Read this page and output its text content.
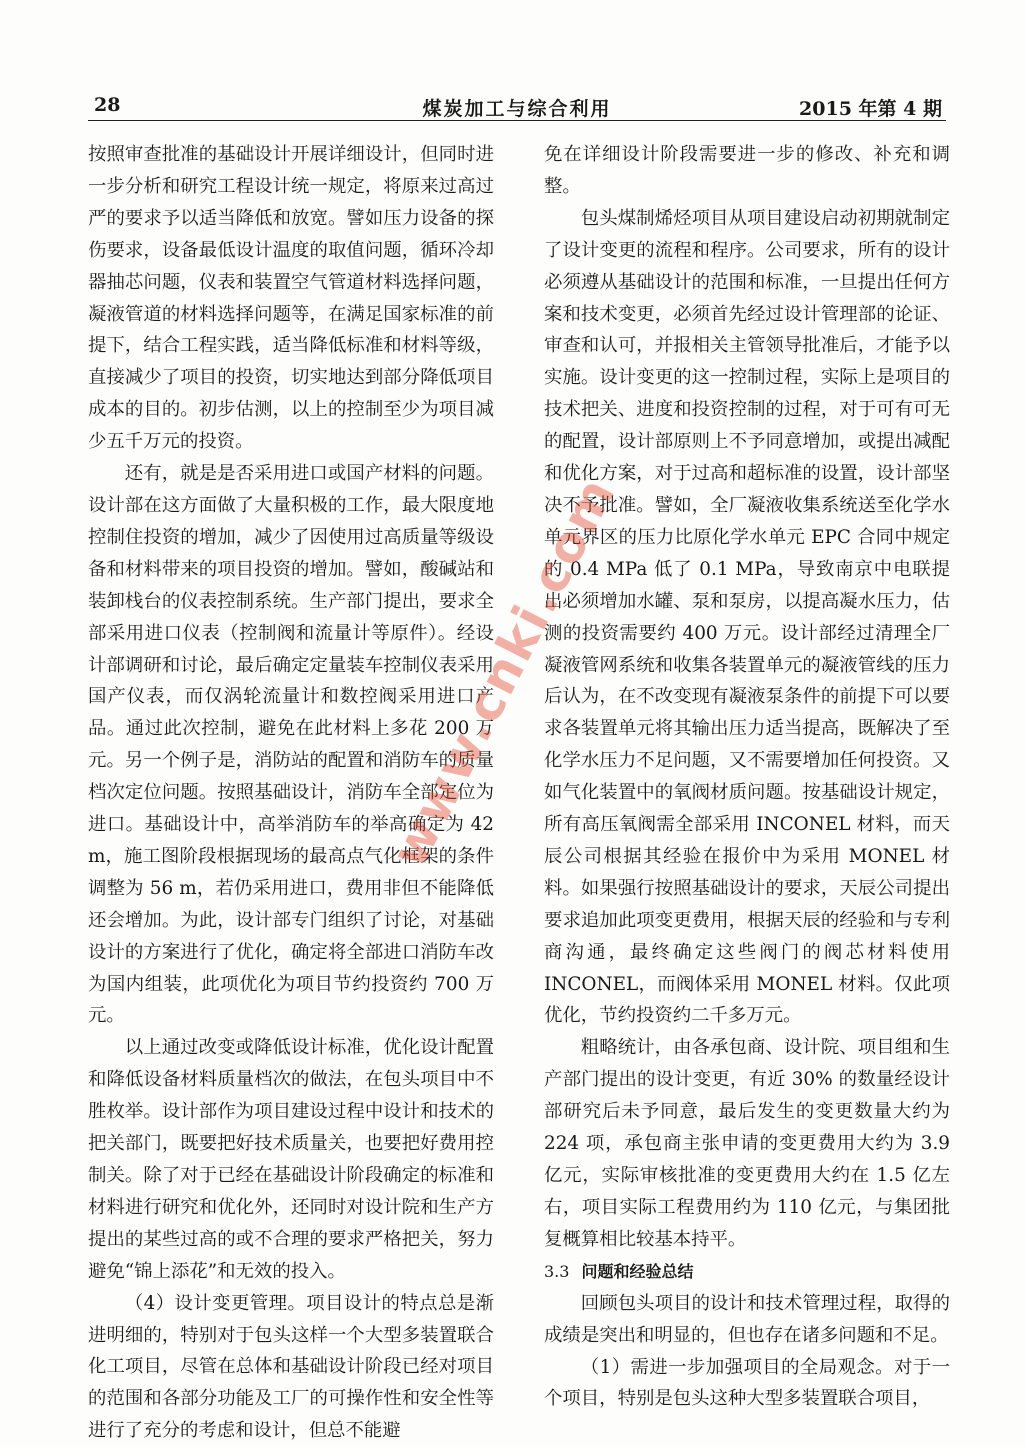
28	煤炭加工与综合利用	2015 年第 4 期

按照审查批准的基础设计开展详细设计，但同时进一步分析和研究工程设计统一规定，将原来过高过严的要求予以适当降低和放宽。譬如压力设备的探伤要求，设备最低设计温度的取值问题，循环冷却器抽芯问题，仪表和装置空气管道材料选择问题，凝液管道的材料选择问题等，在满足国家标准的前提下，结合工程实践，适当降低标准和材料等级，直接减少了项目的投资，切实地达到部分降低项目成本的目的。初步估测，以上的控制至少为项目减少五千万元的投资。

还有，就是是否采用进口或国产材料的问题。设计部在这方面做了大量积极的工作，最大限度地控制住投资的增加，减少了因使用过高质量等级设备和材料带来的项目投资的增加。譬如，酸碱站和装卸栈台的仪表控制系统。生产部门提出，要求全部采用进口仪表（控制阀和流量计等原件）。经设计部调研和讨论，最后确定定量装车控制仪表采用国产仪表，而仅涡轮流量计和数控阀采用进口产品。通过此次控制，避免在此材料上多花 200 万元。另一个例子是，消防站的配置和消防车的质量档次定位问题。按照基础设计，消防车全部定位为进口。基础设计中，高举消防车的举高确定为 42 m，施工图阶段根据现场的最高点气化框架的条件调整为 56 m，若仍采用进口，费用非但不能降低还会增加。为此，设计部专门组织了讨论，对基础设计的方案进行了优化，确定将全部进口消防车改为国内组装，此项优化为项目节约投资约 700 万元。

以上通过改变或降低设计标准，优化设计配置和降低设备材料质量档次的做法，在包头项目中不胜枚举。设计部作为项目建设过程中设计和技术的把关部门，既要把好技术质量关，也要把好费用控制关。除了对于已经在基础设计阶段确定的标准和材料进行研究和优化外，还同时对设计院和生产方提出的某些过高的或不合理的要求严格把关，努力避免“锦上添花”和无效的投入。

（4）设计变更管理。项目设计的特点总是渐进明细的，特别对于包头这样一个大型多装置联合化工项目，尽管在总体和基础设计阶段已经对项目的范围和各部分功能及工厂的可操作性和安全性等进行了充分的考虑和设计，但总不能避

免在详细设计阶段需要进一步的修改、补充和调整。

包头煤制烯烃项目从项目建设启动初期就制定了设计变更的流程和程序。公司要求，所有的设计必须遵从基础设计的范围和标准，一旦提出任何方案和技术变更，必须首先经过设计管理部的论证、审查和认可，并报相关主管领导批准后，才能予以实施。设计变更的这一控制过程，实际上是项目的技术把关、进度和投资控制的过程，对于可有可无的配置，设计部原则上不予同意增加，或提出减配和优化方案，对于过高和超标准的设置，设计部坚决不予批准。譬如，全厂凝液收集系统送至化学水单元界区的压力比原化学水单元 EPC 合同中规定的 0.4 MPa 低了 0.1 MPa，导致南京中电联提出必须增加水罐、泵和泵房，以提高凝水压力，估测的投资需要约 400 万元。设计部经过清理全厂凝液管网系统和收集各装置单元的凝液管线的压力后认为，在不改变现有凝液泵条件的前提下可以要求各装置单元将其输出压力适当提高，既解决了至化学水压力不足问题，又不需要增加任何投资。又如气化装置中的氧阀材质问题。按基础设计规定，所有高压氧阀需全部采用 INCONEL 材料，而天辰公司根据其经验在报价中为采用 MONEL 材料。如果强行按照基础设计的要求，天辰公司提出要求追加此项变更费用，根据天辰的经验和与专利商沟通，最终确定这些阀门的阀芯材料使用 INCONEL，而阀体采用 MONEL 材料。仅此项优化，节约投资约二千多万元。

粗略统计，由各承包商、设计院、项目组和生产部门提出的设计变更，有近 30% 的数量经设计部研究后未予同意，最后发生的变更数量大约为 224 项，承包商主张申请的变更费用大约为 3.9 亿元，实际审核批准的变更费用大约在 1.5 亿左右，项目实际工程费用约为 110 亿元，与集团批复概算相比较基本持平。

3.3 问题和经验总结

回顾包头项目的设计和技术管理过程，取得的成绩是突出和明显的，但也存在诸多问题和不足。

（1）需进一步加强项目的全局观念。对于一个项目，特别是包头这种大型多装置联合项目，

www.cnki.com
